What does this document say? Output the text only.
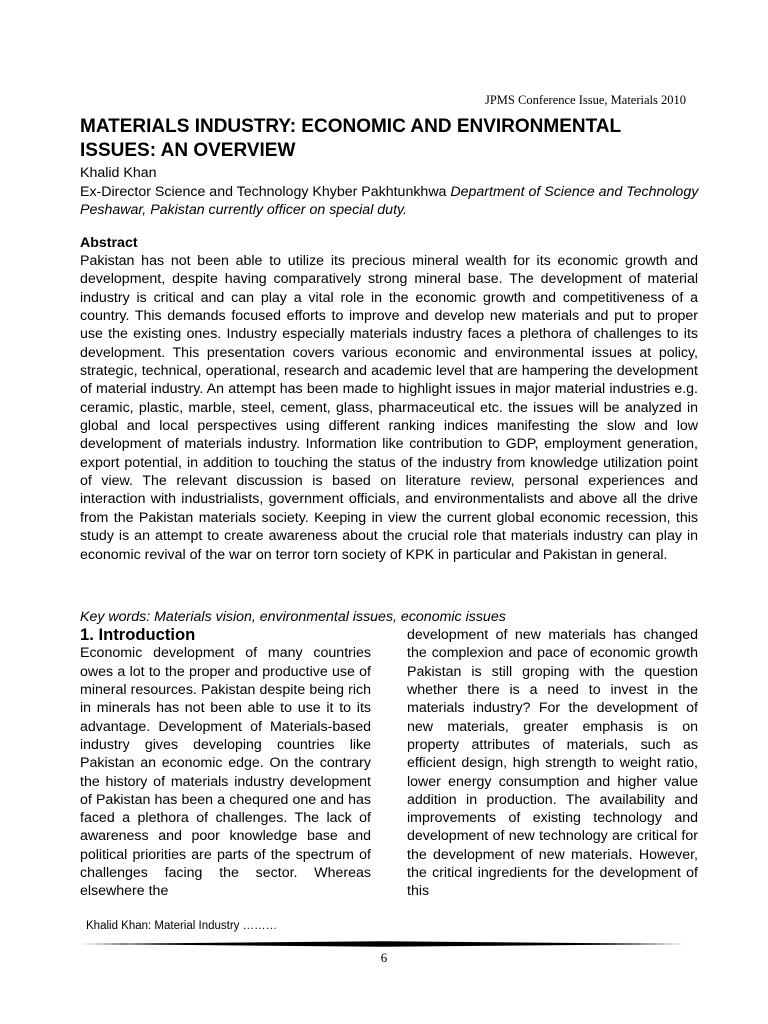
JPMS Conference Issue, Materials 2010
MATERIALS INDUSTRY: ECONOMIC AND ENVIRONMENTAL ISSUES: AN OVERVIEW
Khalid Khan
Ex-Director Science and Technology Khyber Pakhtunkhwa Department of Science and Technology Peshawar, Pakistan currently officer on special duty.
Abstract

Pakistan has not been able to utilize its precious mineral wealth for its economic growth and development, despite having comparatively strong mineral base. The development of material industry is critical and can play a vital role in the economic growth and competitiveness of a country. This demands focused efforts to improve and develop new materials and put to proper use the existing ones. Industry especially materials industry faces a plethora of challenges to its development. This presentation covers various economic and environmental issues at policy, strategic, technical, operational, research and academic level that are hampering the development of material industry. An attempt has been made to highlight issues in major material industries e.g. ceramic, plastic, marble, steel, cement, glass, pharmaceutical etc. the issues will be analyzed in global and local perspectives using different ranking indices manifesting the slow and low development of materials industry. Information like contribution to GDP, employment generation, export potential, in addition to touching the status of the industry from knowledge utilization point of view. The relevant discussion is based on literature review, personal experiences and interaction with industrialists, government officials, and environmentalists and above all the drive from the Pakistan materials society. Keeping in view the current global economic recession, this study is an attempt to create awareness about the crucial role that materials industry can play in economic revival of the war on terror torn society of KPK in particular and Pakistan in general.

Key words: Materials vision, environmental issues, economic issues
1. Introduction

Economic development of many countries owes a lot to the proper and productive use of mineral resources. Pakistan despite being rich in minerals has not been able to use it to its advantage. Development of Materials-based industry gives developing countries like Pakistan an economic edge. On the contrary the history of materials industry development of Pakistan has been a chequred one and has faced a plethora of challenges. The lack of awareness and poor knowledge base and political priorities are parts of the spectrum of challenges facing the sector. Whereas elsewhere the

development of new materials has changed the complexion and pace of economic growth Pakistan is still groping with the question whether there is a need to invest in the materials industry? For the development of new materials, greater emphasis is on property attributes of materials, such as efficient design, high strength to weight ratio, lower energy consumption and higher value addition in production. The availability and improvements of existing technology and development of new technology are critical for the development of new materials. However, the critical ingredients for the development of this

Khalid Khan: Material Industry ………
6
